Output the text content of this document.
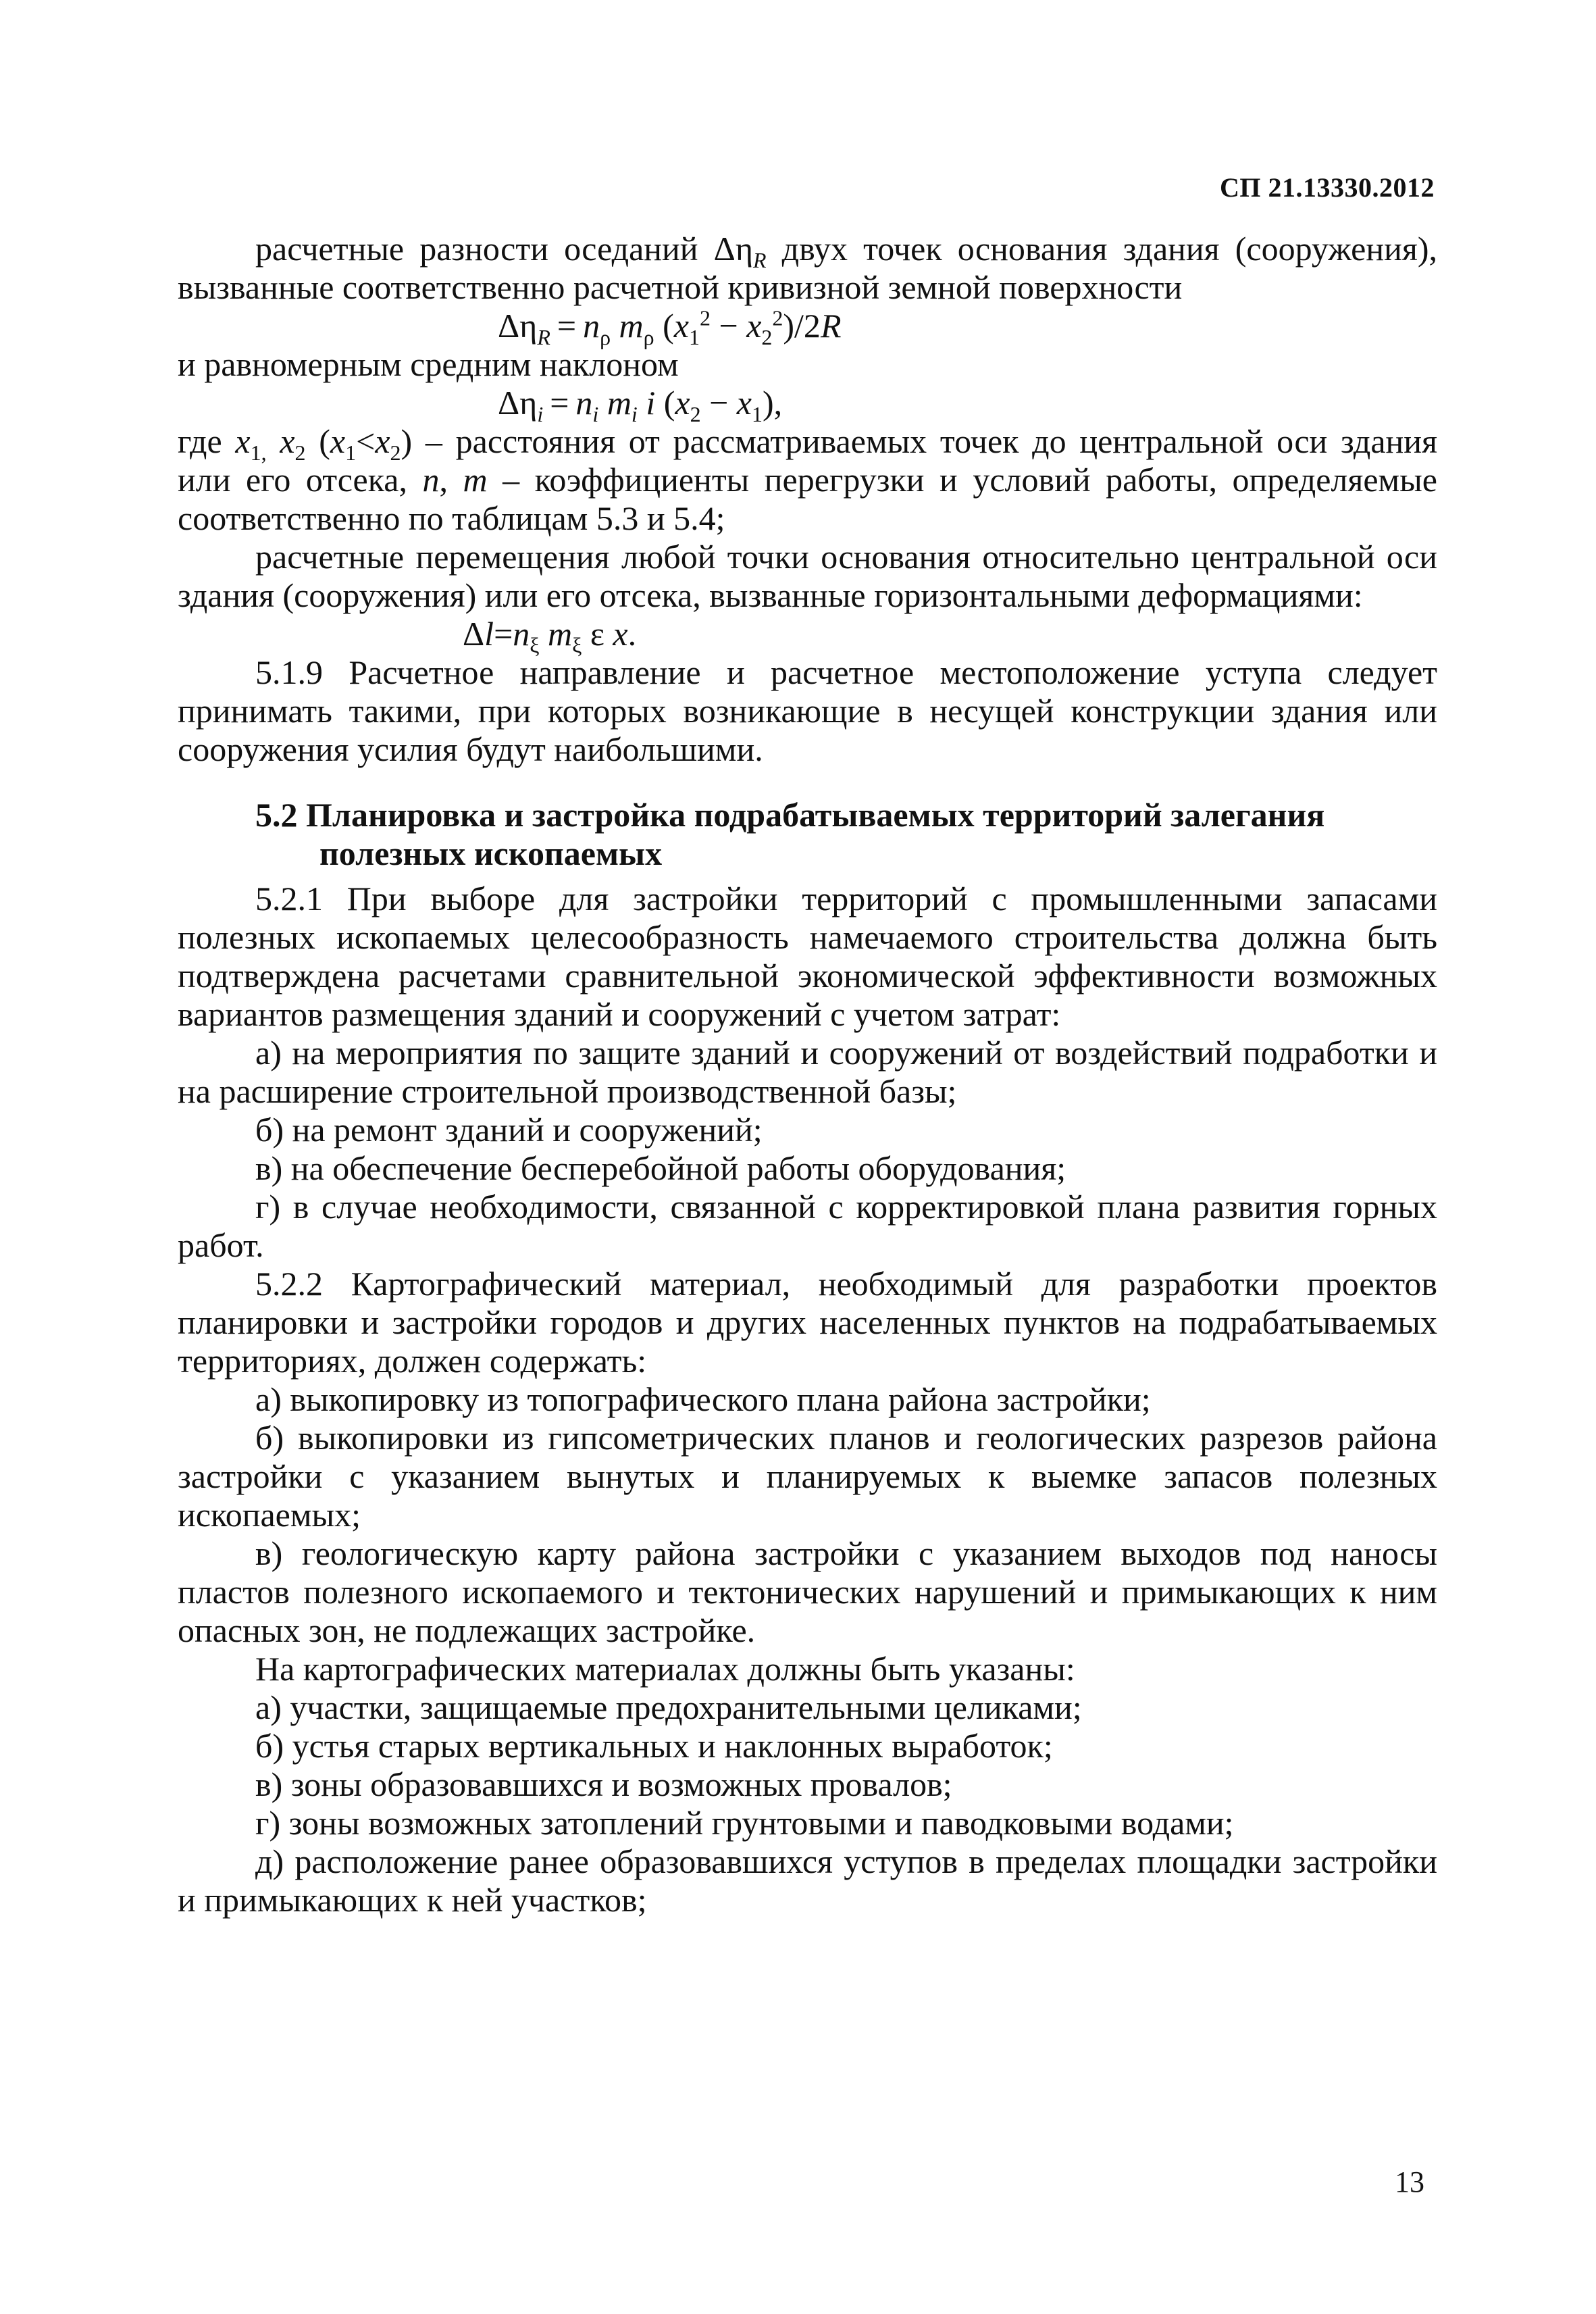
СП 21.13330.2012

расчетные разности оседаний $\Delta\eta_R$ двух точек основания здания (сооружения), вызванные соответственно расчетной кривизной земной поверхности

$\Delta\eta_R = n_\rho$ $m_\rho$ $(x_1^2 - x_2^2)/2R$

и равномерным средним наклоном

$\Delta\eta_i = n_i$ $m_i$ i $(x_2 - x_1)$,

где $x_{1,}$ $x_2$ $(x_1<x_2)$ – расстояния от рассматриваемых точек до центральной оси здания или его отсека, n, m – коэффициенты перегрузки и условий работы, определяемые соответственно по таблицам 5.3 и 5.4;

расчетные перемещения любой точки основания относительно центральной оси здания (сооружения) или его отсека, вызванные горизонтальными деформациями:

$\Delta l=n_\xi$ $m_\xi$ ε x.

5.1.9 Расчетное направление и расчетное местоположение уступа следует принимать такими, при которых возникающие в несущей конструкции здания или сооружения усилия будут наибольшими.

5.2 Планировка и застройка подрабатываемых территорий залегания
полезных ископаемых

5.2.1 При выборе для застройки территорий с промышленными запасами полезных ископаемых целесообразность намечаемого строительства должна быть подтверждена расчетами сравнительной экономической эффективности возможных вариантов размещения зданий и сооружений с учетом затрат:

а) на мероприятия по защите зданий и сооружений от воздействий подработки и на расширение строительной производственной базы;

б) на ремонт зданий и сооружений;

в) на обеспечение бесперебойной работы оборудования;

г) в случае необходимости, связанной с корректировкой плана развития горных работ.

5.2.2 Картографический материал, необходимый для разработки проектов планировки и застройки городов и других населенных пунктов на подрабатываемых территориях, должен содержать:

а) выкопировку из топографического плана района застройки;

б) выкопировки из гипсометрических планов и геологических разрезов района застройки с указанием вынутых и планируемых к выемке запасов полезных ископаемых;

в) геологическую карту района застройки с указанием выходов под наносы пластов полезного ископаемого и тектонических нарушений и примыкающих к ним опасных зон, не подлежащих застройке.

На картографических материалах должны быть указаны:

а) участки, защищаемые предохранительными целиками;

б) устья старых вертикальных и наклонных выработок;

в) зоны образовавшихся и возможных провалов;

г) зоны возможных затоплений грунтовыми и паводковыми водами;

д) расположение ранее образовавшихся уступов в пределах площадки застройки и примыкающих к ней участков;

13
